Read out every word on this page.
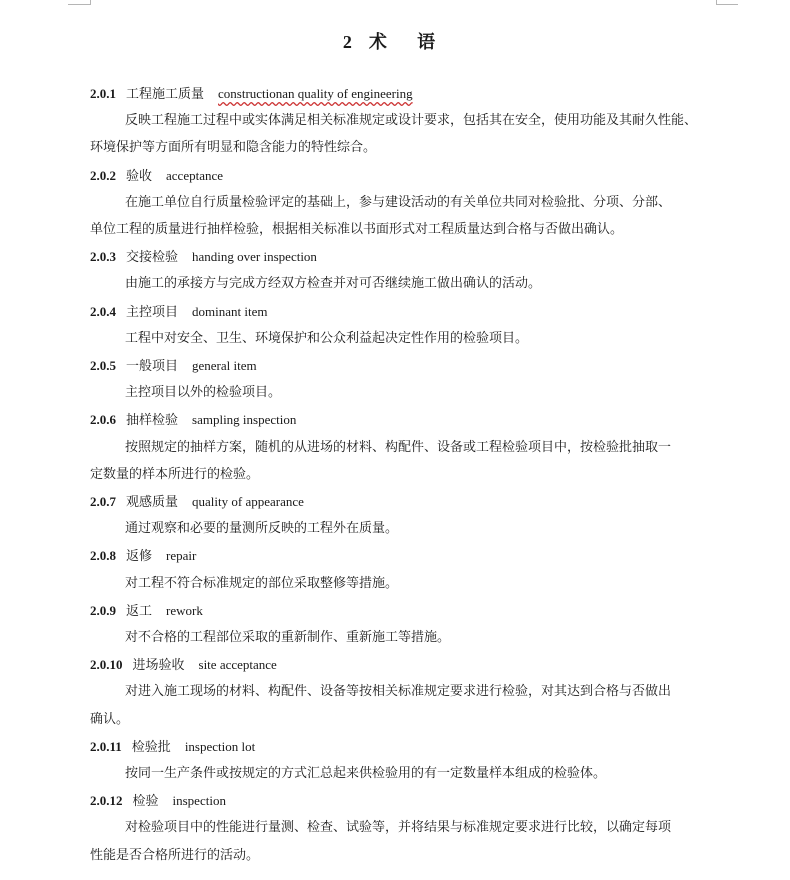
2 术 语
2.0.1 工程施工质量 constructionan quality of engineering

反映工程施工过程中或实体满足相关标准规定或设计要求，包括其在安全，使用功能及其耐久性能、
环境保护等方面所有明显和隐含能力的特性综合。

2.0.2 验收 acceptance

在施工单位自行质量检验评定的基础上，参与建设活动的有关单位共同对检验批、分项、分部、
单位工程的质量进行抽样检验，根据相关标准以书面形式对工程质量达到合格与否做出确认。

2.0.3 交接检验 handing over inspection

由施工的承接方与完成方经双方检查并对可否继续施工做出确认的活动。

2.0.4 主控项目 dominant item

工程中对安全、卫生、环境保护和公众利益起决定性作用的检验项目。

2.0.5 一般项目 general item

主控项目以外的检验项目。

2.0.6 抽样检验 sampling inspection

按照规定的抽样方案，随机的从进场的材料、构配件、设备或工程检验项目中，按检验批抽取一
定数量的样本所进行的检验。

2.0.7 观感质量 quality of appearance

通过观察和必要的量测所反映的工程外在质量。

2.0.8 返修 repair

对工程不符合标准规定的部位采取整修等措施。

2.0.9 返工 rework

对不合格的工程部位采取的重新制作、重新施工等措施。

2.0.10 进场验收 site acceptance

对进入施工现场的材料、构配件、设备等按相关标准规定要求进行检验，对其达到合格与否做出
确认。

2.0.11 检验批 inspection lot

按同一生产条件或按规定的方式汇总起来供检验用的有一定数量样本组成的检验体。

2.0.12 检验 inspection

对检验项目中的性能进行量测、检查、试验等，并将结果与标准规定要求进行比较，以确定每项
性能是否合格所进行的活动。
